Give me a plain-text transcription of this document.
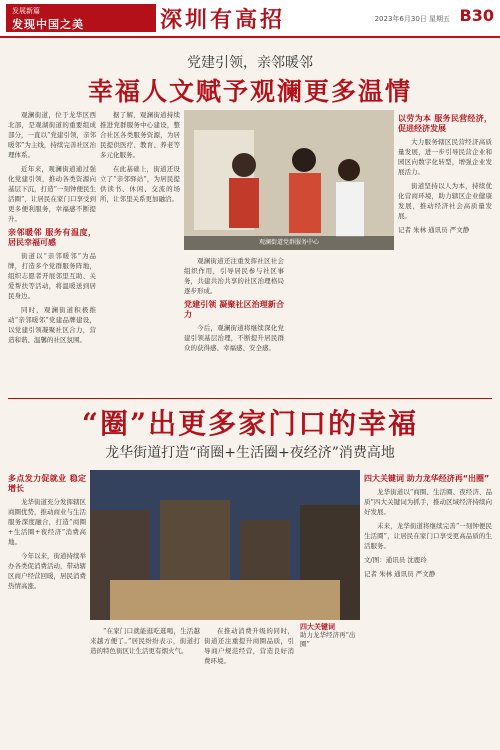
发展新篇
发现中国之美	深圳有高招	2023年6月30日 星期五 B30
党建引领，亲邻暖邻
幸福人文赋予观澜更多温情

观澜街道，位于龙华区西北部，是观湖街道的重要组成部分，一直以“党建引领，亲邻暖邻”为主线，持续完善社区治理体系。

近年来，观澜街道通过强化党建引领，推动各类资源向基层下沉，打造“一刻钟便民生活圈”，让居民在家门口享受到更多便利服务，幸福感不断提升。

亲邻暖邻 服务有温度，居民幸福可感

街道以“亲邻暖邻”为品牌，打造多个党群服务阵地，组织志愿者开展邻里互助、关爱帮扶等活动，将温暖送到居民身边。

同时，观澜街道积极推动“亲邻暖邻”党建品牌建设，以党建引领凝聚社区合力，营造和谐、温馨的社区氛围。

据了解，观澜街道持续推进党群服务中心建设，整合社区各类服务资源，为居民提供医疗、教育、养老等多元化服务。

在此基础上，街道还设立了“亲邻驿站”，为居民提供读书、休闲、交流的场所，让邻里关系更加融洽。

观澜街道党群服务中心

观澜街道还注重发挥社区社会组织作用，引导居民参与社区事务，共建共治共享的社区治理格局逐步形成。

党建引领 凝聚社区治理新合力

今后，观澜街道将继续深化党建引领基层治理，不断提升居民群众的获得感、幸福感、安全感。

以劳为本 服务民营经济，促进经济发展

大力服务辖区民营经济高质量发展，进一步引导民营企业和园区向数字化转型，增强企业发展活力。

街道坚持以人为本，持续优化营商环境，助力辖区企业健康发展，推动经济社会高质量发展。

记者 朱林 通讯员 严文静
“圈”出更多家门口的幸福
龙华街道打造“商圈+生活圈+夜经济”消费高地
多点发力促就业 稳定增长

龙华街道充分发挥辖区商圈优势，推动商业与生活服务深度融合，打造“商圈+生活圈+夜经济”消费高地。

今年以来，街道持续举办各类促消费活动，带动辖区商户经营回暖，居民消费热情高涨。

“在家门口就能逛吃逛喝，生活越来越方便了。”居民纷纷表示，街道打造的特色街区让生活更有烟火气。

在推动消费升级的同时，街道还注重提升商圈品质，引导商户规范经营，营造良好消费环境。

四大关键词
助力龙华经济再“出圈”
四大关键词 助力龙华经济再“出圈”

龙华街道以“商圈、生活圈、夜经济、品质”四大关键词为抓手，推动区域经济持续向好发展。

未来，龙华街道将继续完善“一刻钟便民生活圈”，让居民在家门口享受更高品质的生活服务。

文/图：通讯员 沈鹿玲
记者 朱林 通讯员 严文静
